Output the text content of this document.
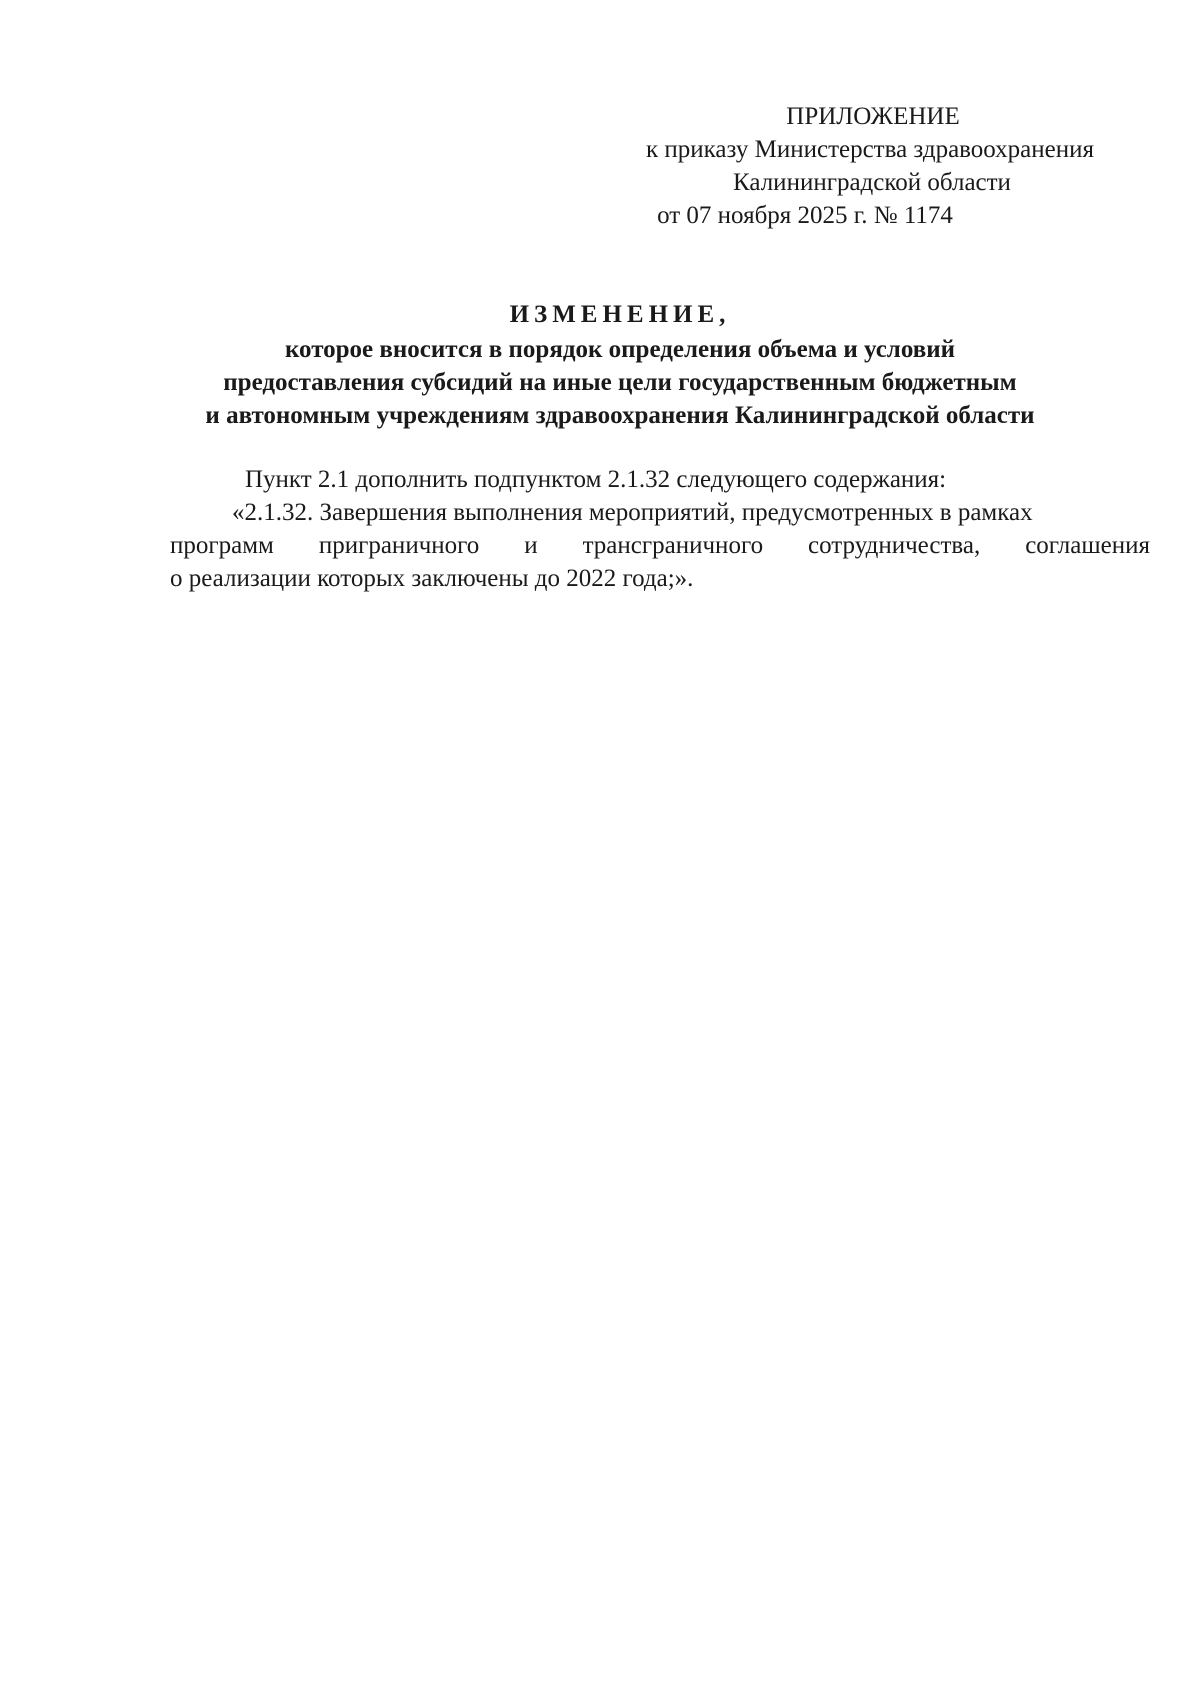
ПРИЛОЖЕНИЕ
к приказу Министерства здравоохранения
Калининградской области
от 07 ноября 2025 г. № 1174
ИЗМЕНЕНИЕ,
которое вносится в порядок определения объема и условий
предоставления субсидий на иные цели государственным бюджетным
и автономным учреждениям здравоохранения Калининградской области

Пункт 2.1 дополнить подпунктом 2.1.32 следующего содержания:

«2.1.32. Завершения выполнения мероприятий, предусмотренных в рамках
программ приграничного и трансграничного сотрудничества, соглашения
о реализации которых заключены до 2022 года;».
